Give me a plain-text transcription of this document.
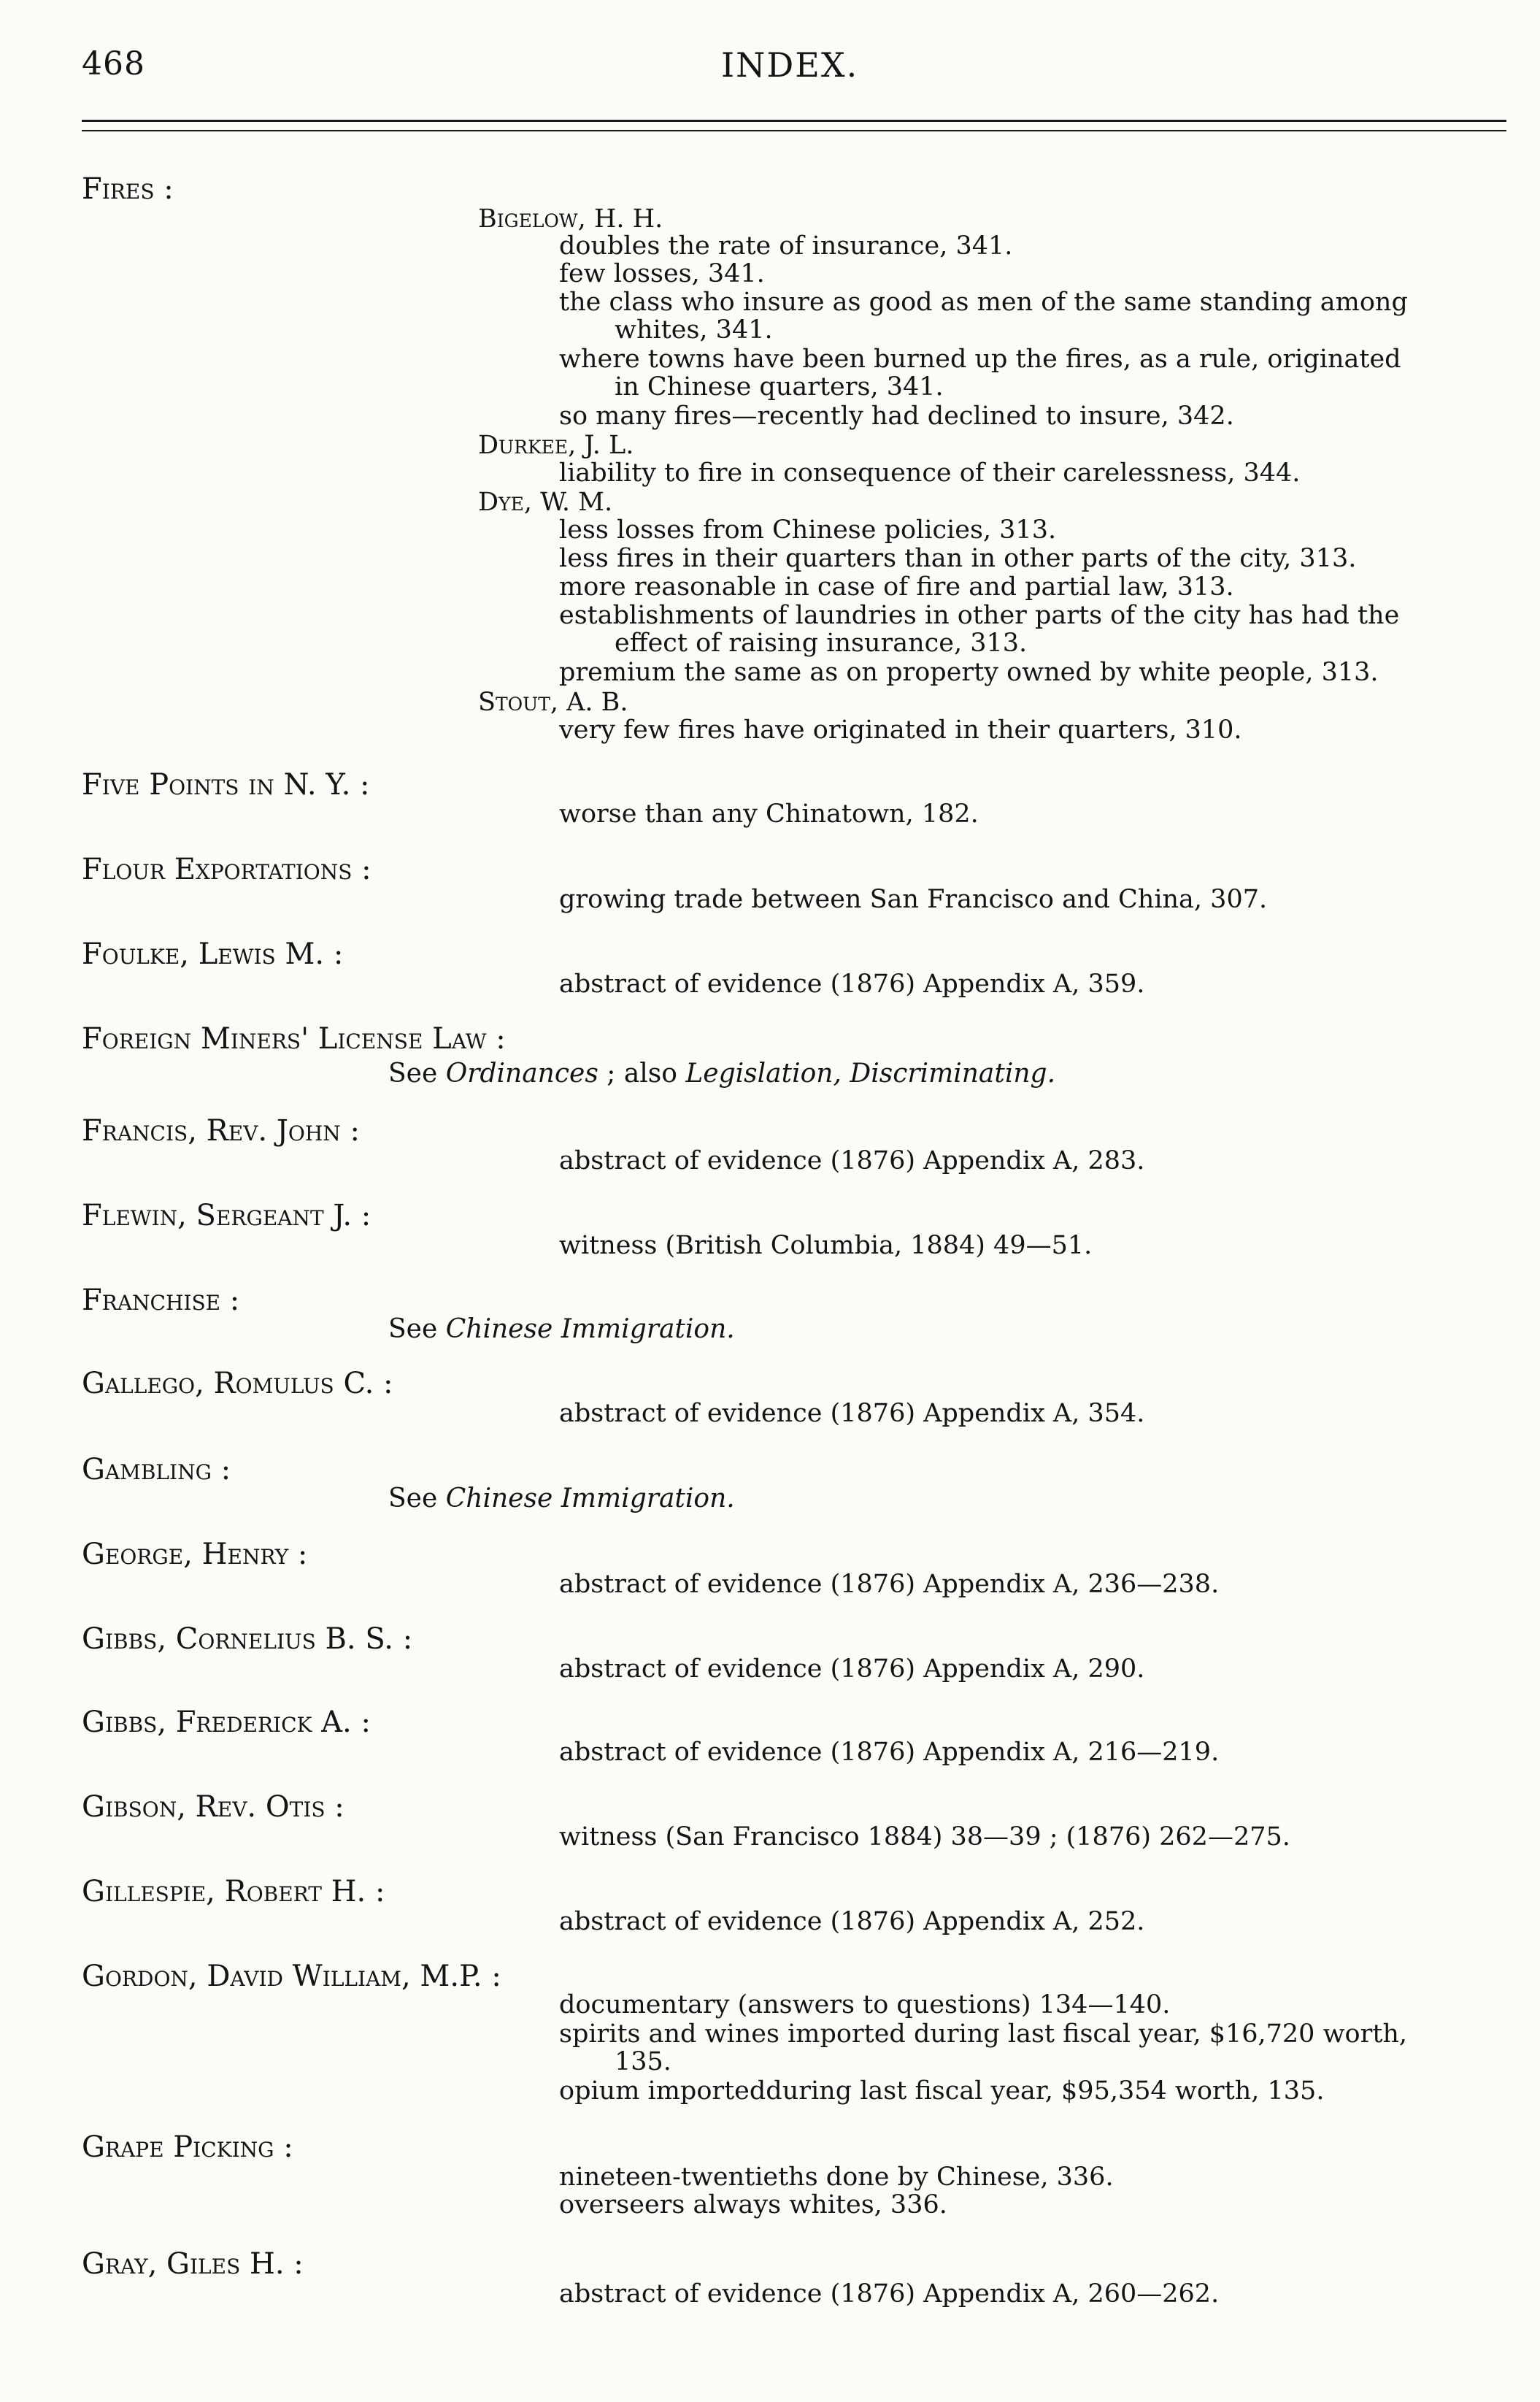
468	INDEX.
Fires :
Bigelow, H. H.
doubles the rate of insurance, 341.
few losses, 341.
the class who insure as good as men of the same standing among
whites, 341.
where towns have been burned up the fires, as a rule, originated
in Chinese quarters, 341.
so many fires—recently had declined to insure, 342.
Durkee, J. L.
liability to fire in consequence of their carelessness, 344.
Dye, W. M.
less losses from Chinese policies, 313.
less fires in their quarters than in other parts of the city, 313.
more reasonable in case of fire and partial law, 313.
establishments of laundries in other parts of the city has had the
effect of raising insurance, 313.
premium the same as on property owned by white people, 313.
Stout, A. B.
very few fires have originated in their quarters, 310.
Five Points in N. Y. :
worse than any Chinatown, 182.
Flour Exportations :
growing trade between San Francisco and China, 307.
Foulke, Lewis M. :
abstract of evidence (1876) Appendix A, 359.
Foreign Miners' License Law :
See Ordinances ; also Legislation, Discriminating.
Francis, Rev. John :
abstract of evidence (1876) Appendix A, 283.
Flewin, Sergeant J. :
witness (British Columbia, 1884) 49—51.
Franchise :
See Chinese Immigration.
Gallego, Romulus C. :
abstract of evidence (1876) Appendix A, 354.
Gambling :
See Chinese Immigration.
George, Henry :
abstract of evidence (1876) Appendix A, 236—238.
Gibbs, Cornelius B. S. :
abstract of evidence (1876) Appendix A, 290.
Gibbs, Frederick A. :
abstract of evidence (1876) Appendix A, 216—219.
Gibson, Rev. Otis :
witness (San Francisco 1884) 38—39 ; (1876) 262—275.
Gillespie, Robert H. :
abstract of evidence (1876) Appendix A, 252.
Gordon, David William, M.P. :
documentary (answers to questions) 134—140.
spirits and wines imported during last fiscal year, $16,720 worth,
135.
opium importedduring last fiscal year, $95,354 worth, 135.
Grape Picking :
nineteen-twentieths done by Chinese, 336.
overseers always whites, 336.
Gray, Giles H. :
abstract of evidence (1876) Appendix A, 260—262.
